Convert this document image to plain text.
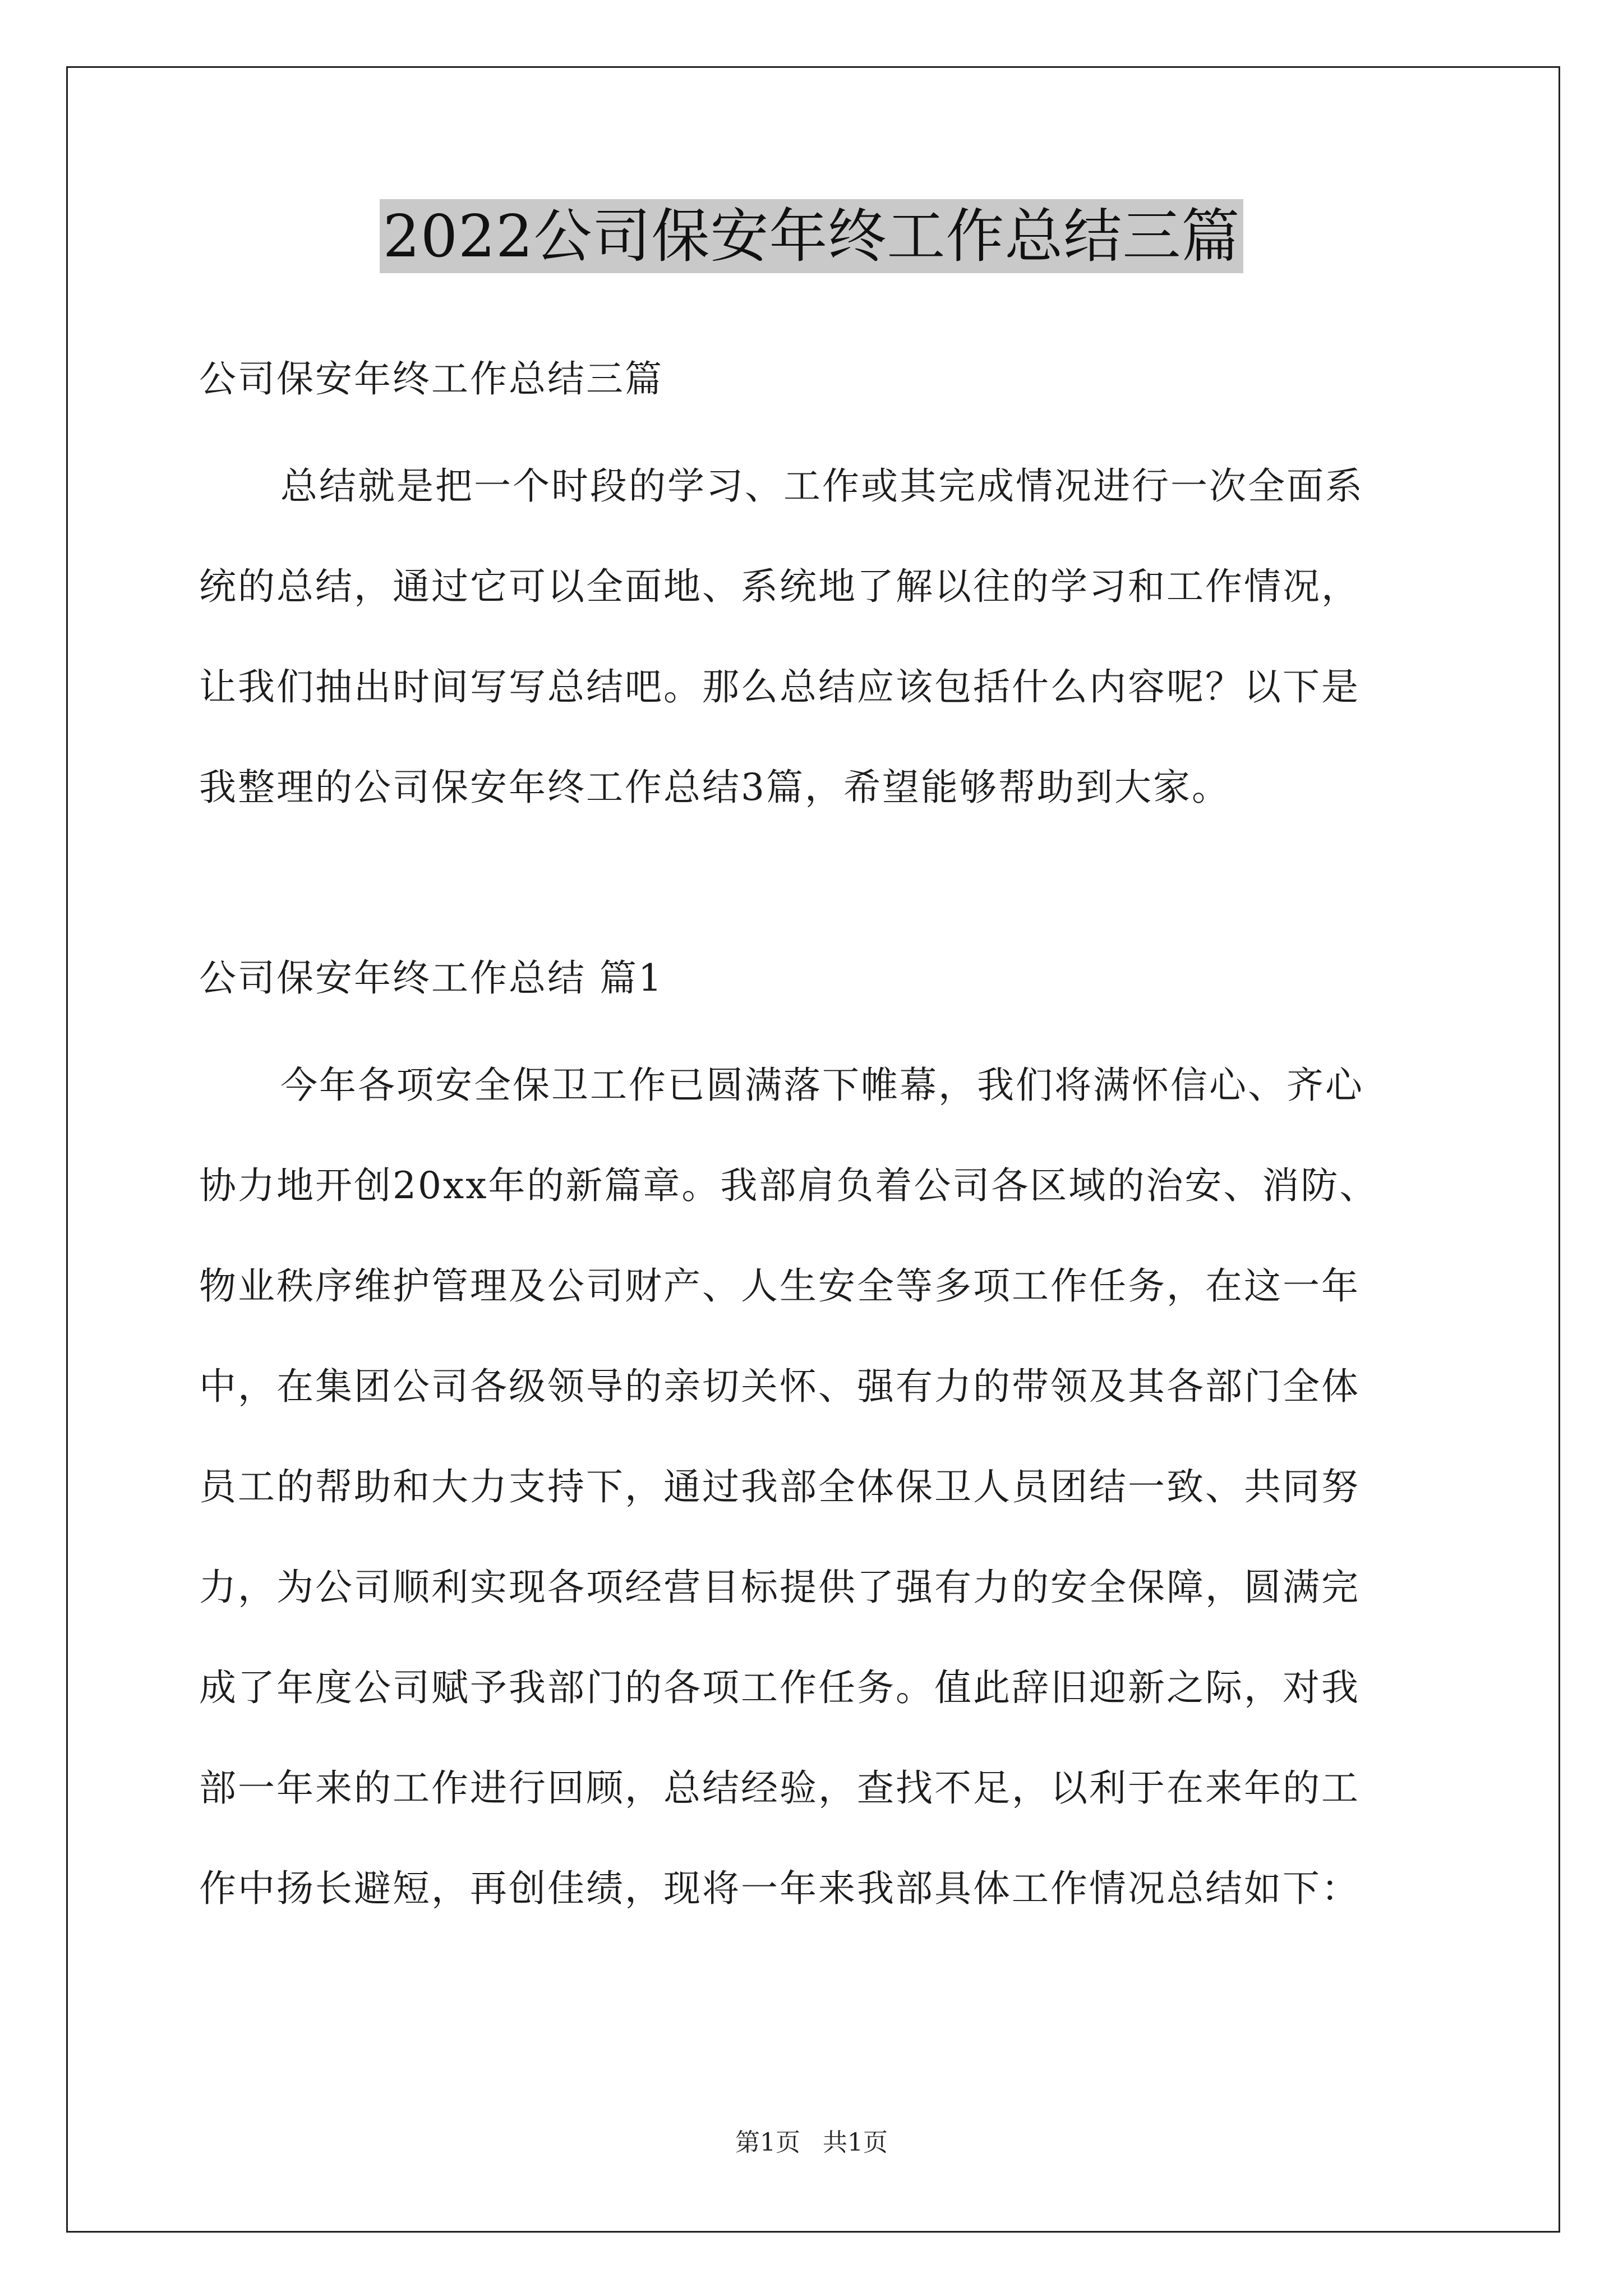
2022公司保安年终工作总结三篇
公司保安年终工作总结三篇
总结就是把一个时段的学习、工作或其完成情况进行一次全面系
统的总结，通过它可以全面地、系统地了解以往的学习和工作情况，
让我们抽出时间写写总结吧。那么总结应该包括什么内容呢？以下是
我整理的公司保安年终工作总结3篇，希望能够帮助到大家。
公司保安年终工作总结 篇1
今年各项安全保卫工作已圆满落下帷幕，我们将满怀信心、齐心
协力地开创20xx年的新篇章。我部肩负着公司各区域的治安、消防、
物业秩序维护管理及公司财产、人生安全等多项工作任务，在这一年
中，在集团公司各级领导的亲切关怀、强有力的带领及其各部门全体
员工的帮助和大力支持下，通过我部全体保卫人员团结一致、共同努
力，为公司顺利实现各项经营目标提供了强有力的安全保障，圆满完
成了年度公司赋予我部门的各项工作任务。值此辞旧迎新之际，对我
部一年来的工作进行回顾，总结经验，查找不足，以利于在来年的工
作中扬长避短，再创佳绩，现将一年来我部具体工作情况总结如下：
第1页 共1页
